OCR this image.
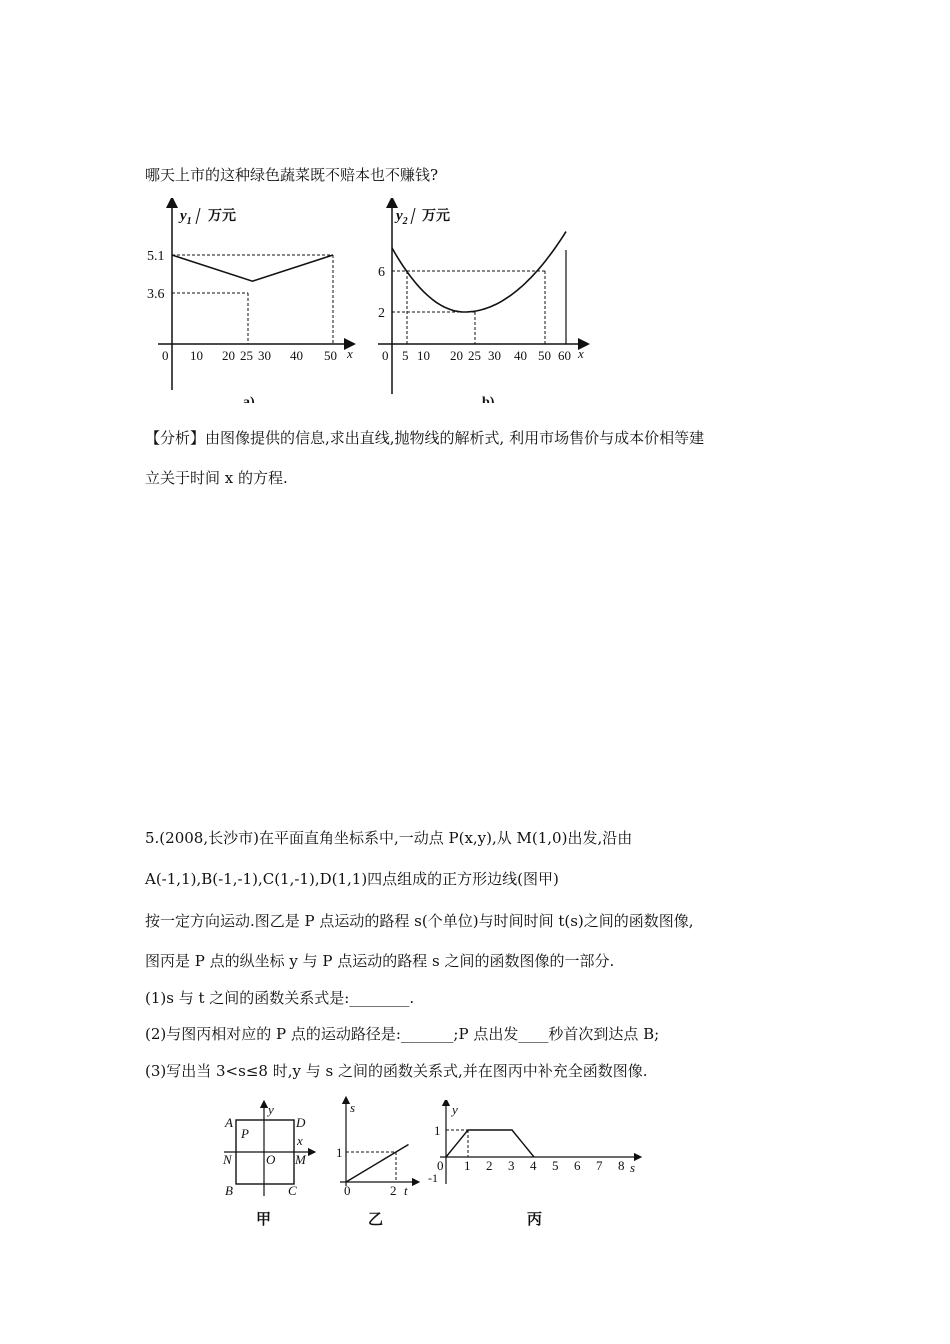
哪天上市的这种绿色蔬菜既不赔本也不赚钱?
$y_1$ 万元
5.1
3.6
0 10 20 25 30 40 50 x
a)
$y_2$ 万元
6
2
0 5 10 20 25 30 40 50 60 x
b)
【分析】由图像提供的信息,求出直线,抛物线的解析式, 利用市场售价与成本价相等建
立关于时间 x 的方程.
5.(2008,长沙市)在平面直角坐标系中,一动点 P(x,y),从 M(1,0)出发,沿由
A(-1,1),B(-1,-1),C(1,-1),D(1,1)四点组成的正方形边线(图甲)
按一定方向运动.图乙是 P 点运动的路程 s(个单位)与时间时间 t(s)之间的函数图像,
图丙是 P 点的纵坐标 y 与 P 点运动的路程 s 之间的函数图像的一部分.
(1)s 与 t 之间的函数关系式是:________.
(2)与图丙相对应的 P 点的运动路径是:_______;P 点出发____秒首次到达点 B;
(3)写出当 3<s≤8 时,y 与 s 之间的函数关系式,并在图丙中补充全函数图像.
A	D
B	C
N	M
O
P	x
y	s
1
0	2 t
y
1
-1
0 1 2 3 4 5 6 7 8 s
甲	乙	丙
